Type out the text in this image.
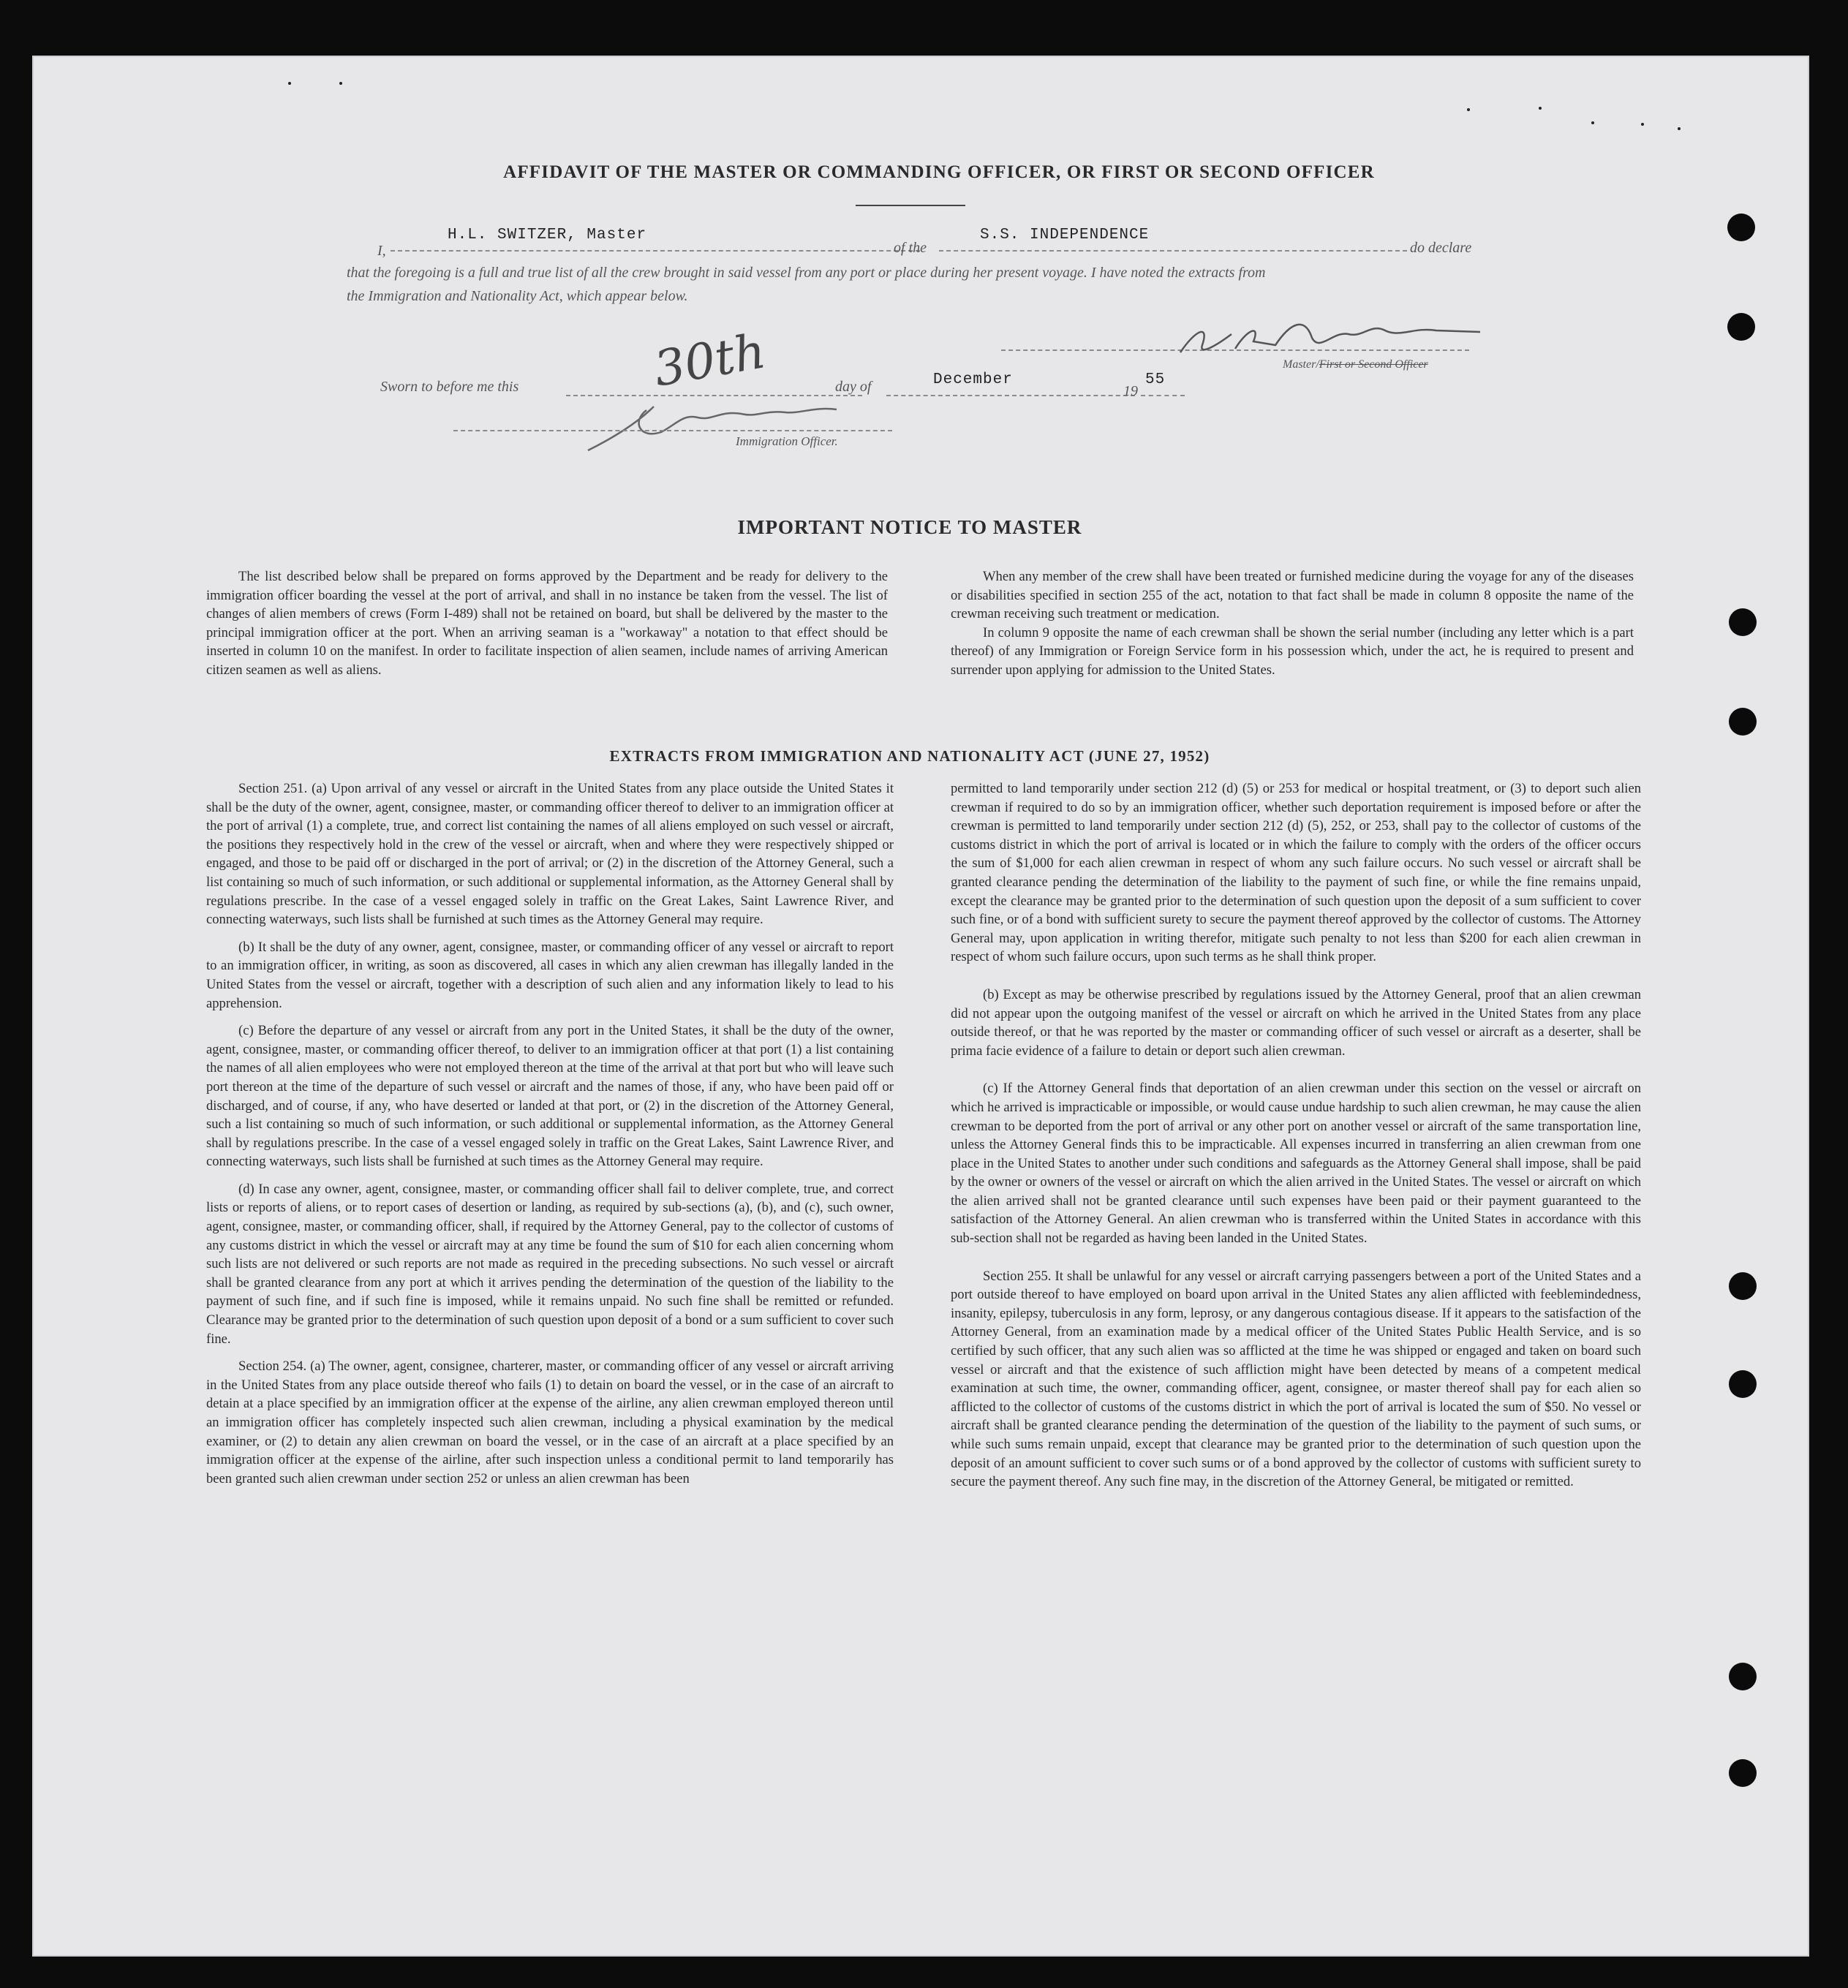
AFFIDAVIT OF THE MASTER OR COMMANDING OFFICER, OR FIRST OR SECOND OFFICER
I,
H.L. SWITZER, Master
of the
S.S. INDEPENDENCE
do declare
that the foregoing is a full and true list of all the crew brought in said vessel from any port or place during her present voyage. I have noted the extracts from
the Immigration and Nationality Act, which appear below.
Master/First or Second Officer
Sworn to before me this	30th	day of	December
19
55
Immigration Officer.
IMPORTANT NOTICE TO MASTER

The list described below shall be prepared on forms approved by the Department and be ready for delivery to the immigration officer boarding the vessel at the port of arrival, and shall in no instance be taken from the vessel. The list of changes of alien members of crews (Form I-489) shall not be retained on board, but shall be delivered by the master to the principal immigration officer at the port. When an arriving seaman is a "workaway" a notation to that effect should be inserted in column 10 on the manifest. In order to facilitate inspection of alien seamen, include names of arriving American citizen seamen as well as aliens.

When any member of the crew shall have been treated or furnished medicine during the voyage for any of the diseases or disabilities specified in section 255 of the act, notation to that fact shall be made in column 8 opposite the name of the crewman receiving such treatment or medication.

In column 9 opposite the name of each crewman shall be shown the serial number (including any letter which is a part thereof) of any Immigration or Foreign Service form in his possession which, under the act, he is required to present and surrender upon applying for admission to the United States.

EXTRACTS FROM IMMIGRATION AND NATIONALITY ACT (JUNE 27, 1952)

Section 251. (a) Upon arrival of any vessel or aircraft in the United States from any place outside the United States it shall be the duty of the owner, agent, consignee, master, or commanding officer thereof to deliver to an immigration officer at the port of arrival (1) a complete, true, and correct list containing the names of all aliens employed on such vessel or aircraft, the positions they respectively hold in the crew of the vessel or aircraft, when and where they were respectively shipped or engaged, and those to be paid off or discharged in the port of arrival; or (2) in the discretion of the Attorney General, such a list containing so much of such information, or such additional or supplemental information, as the Attorney General shall by regulations prescribe. In the case of a vessel engaged solely in traffic on the Great Lakes, Saint Lawrence River, and connecting waterways, such lists shall be furnished at such times as the Attorney General may require.

(b) It shall be the duty of any owner, agent, consignee, master, or commanding officer of any vessel or aircraft to report to an immigration officer, in writing, as soon as discovered, all cases in which any alien crewman has illegally landed in the United States from the vessel or aircraft, together with a description of such alien and any information likely to lead to his apprehension.

(c) Before the departure of any vessel or aircraft from any port in the United States, it shall be the duty of the owner, agent, consignee, master, or commanding officer thereof, to deliver to an immigration officer at that port (1) a list containing the names of all alien employees who were not employed thereon at the time of the arrival at that port but who will leave such port thereon at the time of the departure of such vessel or aircraft and the names of those, if any, who have been paid off or discharged, and of course, if any, who have deserted or landed at that port, or (2) in the discretion of the Attorney General, such a list containing so much of such information, or such additional or supplemental information, as the Attorney General shall by regulations prescribe. In the case of a vessel engaged solely in traffic on the Great Lakes, Saint Lawrence River, and connecting waterways, such lists shall be furnished at such times as the Attorney General may require.

(d) In case any owner, agent, consignee, master, or commanding officer shall fail to deliver complete, true, and correct lists or reports of aliens, or to report cases of desertion or landing, as required by sub-sections (a), (b), and (c), such owner, agent, consignee, master, or commanding officer, shall, if required by the Attorney General, pay to the collector of customs of any customs district in which the vessel or aircraft may at any time be found the sum of $10 for each alien concerning whom such lists are not delivered or such reports are not made as required in the preceding subsections. No such vessel or aircraft shall be granted clearance from any port at which it arrives pending the determination of the question of the liability to the payment of such fine, and if such fine is imposed, while it remains unpaid. No such fine shall be remitted or refunded. Clearance may be granted prior to the determination of such question upon deposit of a bond or a sum sufficient to cover such fine.

Section 254. (a) The owner, agent, consignee, charterer, master, or commanding officer of any vessel or aircraft arriving in the United States from any place outside thereof who fails (1) to detain on board the vessel, or in the case of an aircraft to detain at a place specified by an immigration officer at the expense of the airline, any alien crewman employed thereon until an immigration officer has completely inspected such alien crewman, including a physical examination by the medical examiner, or (2) to detain any alien crewman on board the vessel, or in the case of an aircraft at a place specified by an immigration officer at the expense of the airline, after such inspection unless a conditional permit to land temporarily has been granted such alien crewman under section 252 or unless an alien crewman has been

permitted to land temporarily under section 212 (d) (5) or 253 for medical or hospital treatment, or (3) to deport such alien crewman if required to do so by an immigration officer, whether such deportation requirement is imposed before or after the crewman is permitted to land temporarily under section 212 (d) (5), 252, or 253, shall pay to the collector of customs of the customs district in which the port of arrival is located or in which the failure to comply with the orders of the officer occurs the sum of $1,000 for each alien crewman in respect of whom any such failure occurs. No such vessel or aircraft shall be granted clearance pending the determination of the liability to the payment of such fine, or while the fine remains unpaid, except the clearance may be granted prior to the determination of such question upon the deposit of a sum sufficient to cover such fine, or of a bond with sufficient surety to secure the payment thereof approved by the collector of customs. The Attorney General may, upon application in writing therefor, mitigate such penalty to not less than $200 for each alien crewman in respect of whom such failure occurs, upon such terms as he shall think proper.

(b) Except as may be otherwise prescribed by regulations issued by the Attorney General, proof that an alien crewman did not appear upon the outgoing manifest of the vessel or aircraft on which he arrived in the United States from any place outside thereof, or that he was reported by the master or commanding officer of such vessel or aircraft as a deserter, shall be prima facie evidence of a failure to detain or deport such alien crewman.

(c) If the Attorney General finds that deportation of an alien crewman under this section on the vessel or aircraft on which he arrived is impracticable or impossible, or would cause undue hardship to such alien crewman, he may cause the alien crewman to be deported from the port of arrival or any other port on another vessel or aircraft of the same transportation line, unless the Attorney General finds this to be impracticable. All expenses incurred in transferring an alien crewman from one place in the United States to another under such conditions and safeguards as the Attorney General shall impose, shall be paid by the owner or owners of the vessel or aircraft on which the alien arrived in the United States. The vessel or aircraft on which the alien arrived shall not be granted clearance until such expenses have been paid or their payment guaranteed to the satisfaction of the Attorney General. An alien crewman who is transferred within the United States in accordance with this sub-section shall not be regarded as having been landed in the United States.

Section 255. It shall be unlawful for any vessel or aircraft carrying passengers between a port of the United States and a port outside thereof to have employed on board upon arrival in the United States any alien afflicted with feeblemindedness, insanity, epilepsy, tuberculosis in any form, leprosy, or any dangerous contagious disease. If it appears to the satisfaction of the Attorney General, from an examination made by a medical officer of the United States Public Health Service, and is so certified by such officer, that any such alien was so afflicted at the time he was shipped or engaged and taken on board such vessel or aircraft and that the existence of such affliction might have been detected by means of a competent medical examination at such time, the owner, commanding officer, agent, consignee, or master thereof shall pay for each alien so afflicted to the collector of customs of the customs district in which the port of arrival is located the sum of $50. No vessel or aircraft shall be granted clearance pending the determination of the question of the liability to the payment of such sums, or while such sums remain unpaid, except that clearance may be granted prior to the determination of such question upon the deposit of an amount sufficient to cover such sums or of a bond approved by the collector of customs with sufficient surety to secure the payment thereof. Any such fine may, in the discretion of the Attorney General, be mitigated or remitted.
